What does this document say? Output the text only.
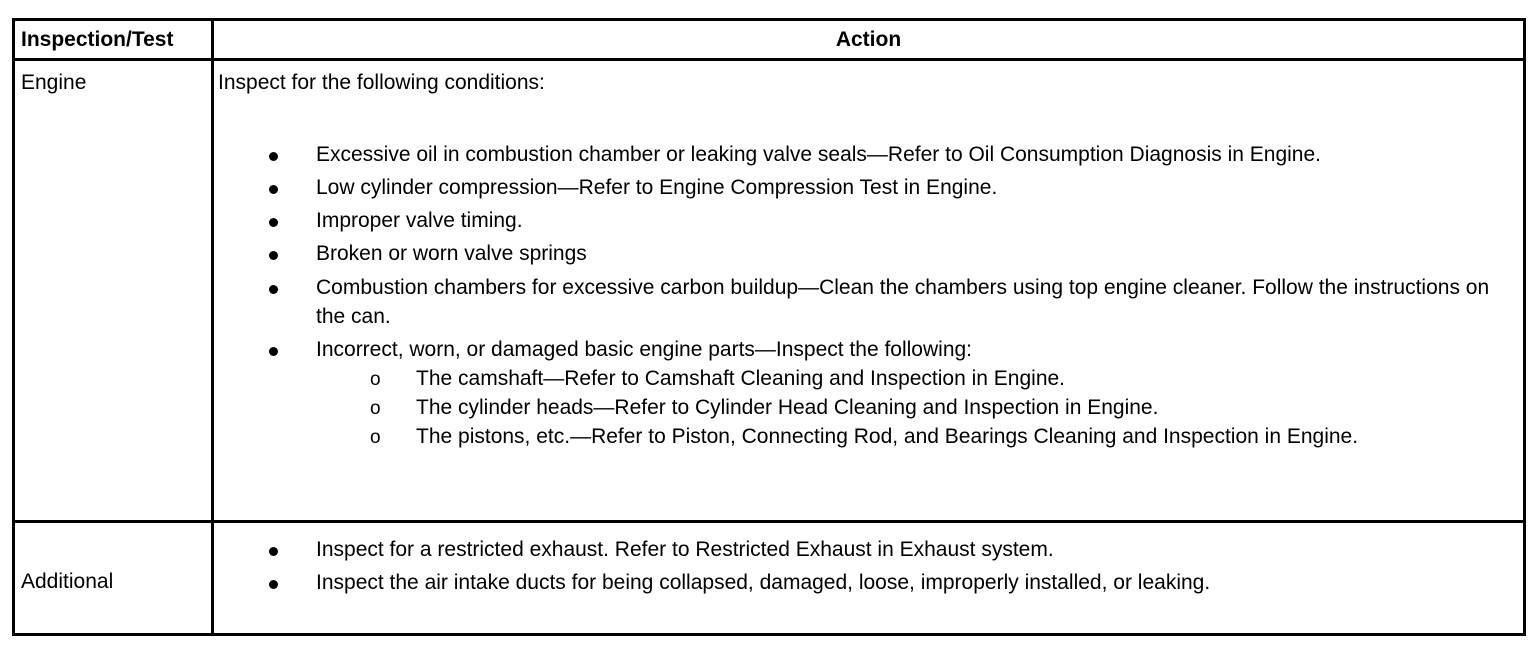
Inspection/Test	Action
Engine	Inspect for the following conditions:
Excessive oil in combustion chamber or leaking valve seals—Refer to Oil Consumption Diagnosis in Engine.
Low cylinder compression—Refer to Engine Compression Test in Engine.
Improper valve timing.
Broken or worn valve springs
Combustion chambers for excessive carbon buildup—Clean the chambers using top engine cleaner. Follow the instructions on the can.
Incorrect, worn, or damaged basic engine parts—Inspect the following:
o The camshaft—Refer to Camshaft Cleaning and Inspection in Engine.
o The cylinder heads—Refer to Cylinder Head Cleaning and Inspection in Engine.
o The pistons, etc.—Refer to Piston, Connecting Rod, and Bearings Cleaning and Inspection in Engine.
Additional
Inspect for a restricted exhaust. Refer to Restricted Exhaust in Exhaust system.
Inspect the air intake ducts for being collapsed, damaged, loose, improperly installed, or leaking.
